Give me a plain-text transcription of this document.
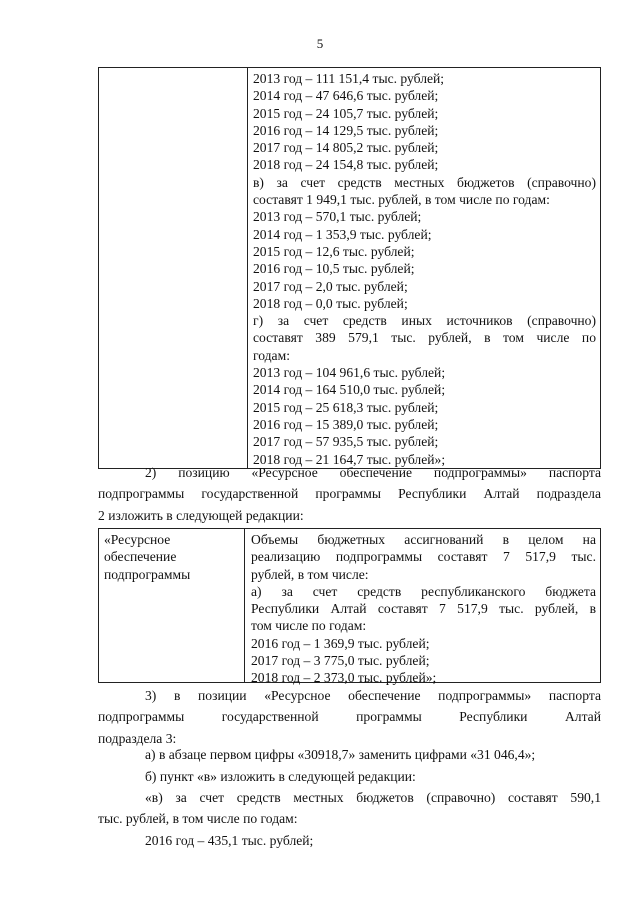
5
2013 год – 111 151,4 тыс. рублей;
2014 год – 47 646,6 тыс. рублей;
2015 год – 24 105,7 тыс. рублей;
2016 год – 14 129,5 тыс. рублей;
2017 год – 14 805,2 тыс. рублей;
2018 год – 24 154,8 тыс. рублей;
в) за счет средств местных бюджетов (справочно)
составят 1 949,1 тыс. рублей, в том числе по годам:
2013 год – 570,1 тыс. рублей;
2014 год – 1 353,9 тыс. рублей;
2015 год – 12,6 тыс. рублей;
2016 год – 10,5 тыс. рублей;
2017 год – 2,0 тыс. рублей;
2018 год – 0,0 тыс. рублей;
г) за счет средств иных источников (справочно)
составят 389 579,1 тыс. рублей, в том числе по
годам:
2013 год – 104 961,6 тыс. рублей;
2014 год – 164 510,0 тыс. рублей;
2015 год – 25 618,3 тыс. рублей;
2016 год – 15 389,0 тыс. рублей;
2017 год – 57 935,5 тыс. рублей;
2018 год – 21 164,7 тыс. рублей»;
2) позицию «Ресурсное обеспечение подпрограммы» паспорта
подпрограммы государственной программы Республики Алтай подраздела
2 изложить в следующей редакции:
«Ресурсное
обеспечение
подпрограммы
Объемы бюджетных ассигнований в целом на
реализацию подпрограммы составят 7 517,9 тыс.
рублей, в том числе:
а) за счет средств республиканского бюджета
Республики Алтай составят 7 517,9 тыс. рублей, в
том числе по годам:
2016 год – 1 369,9 тыс. рублей;
2017 год – 3 775,0 тыс. рублей;
2018 год – 2 373,0 тыс. рублей»;
3) в позиции «Ресурсное обеспечение подпрограммы» паспорта
подпрограммы государственной программы Республики Алтай
подраздела 3:
а) в абзаце первом цифры «30918,7» заменить цифрами «31 046,4»;
б) пункт «в» изложить в следующей редакции:
«в) за счет средств местных бюджетов (справочно) составят 590,1
тыс. рублей, в том числе по годам:
2016 год – 435,1 тыс. рублей;
